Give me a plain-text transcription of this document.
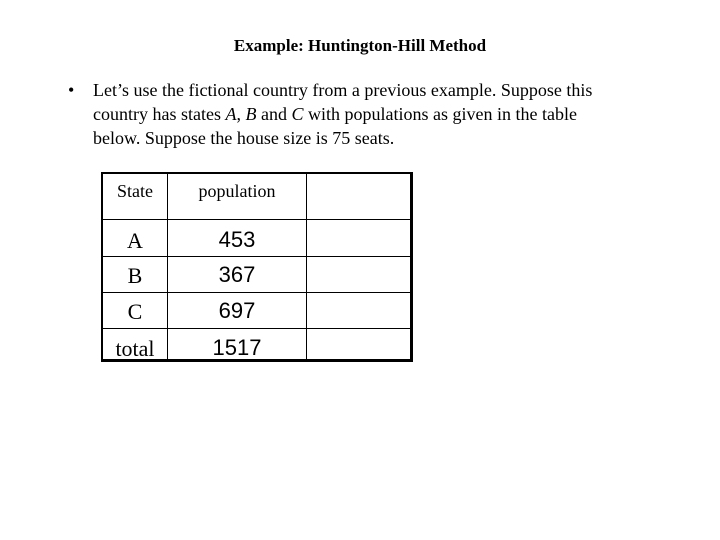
Example: Huntington-Hill Method
•	Let’s use the fictional country from a previous example. Suppose this
country has states A, B and C with populations as given in the table
below. Suppose the house size is 75 seats.
State	population
A	453
B	367
C	697
total	1517
